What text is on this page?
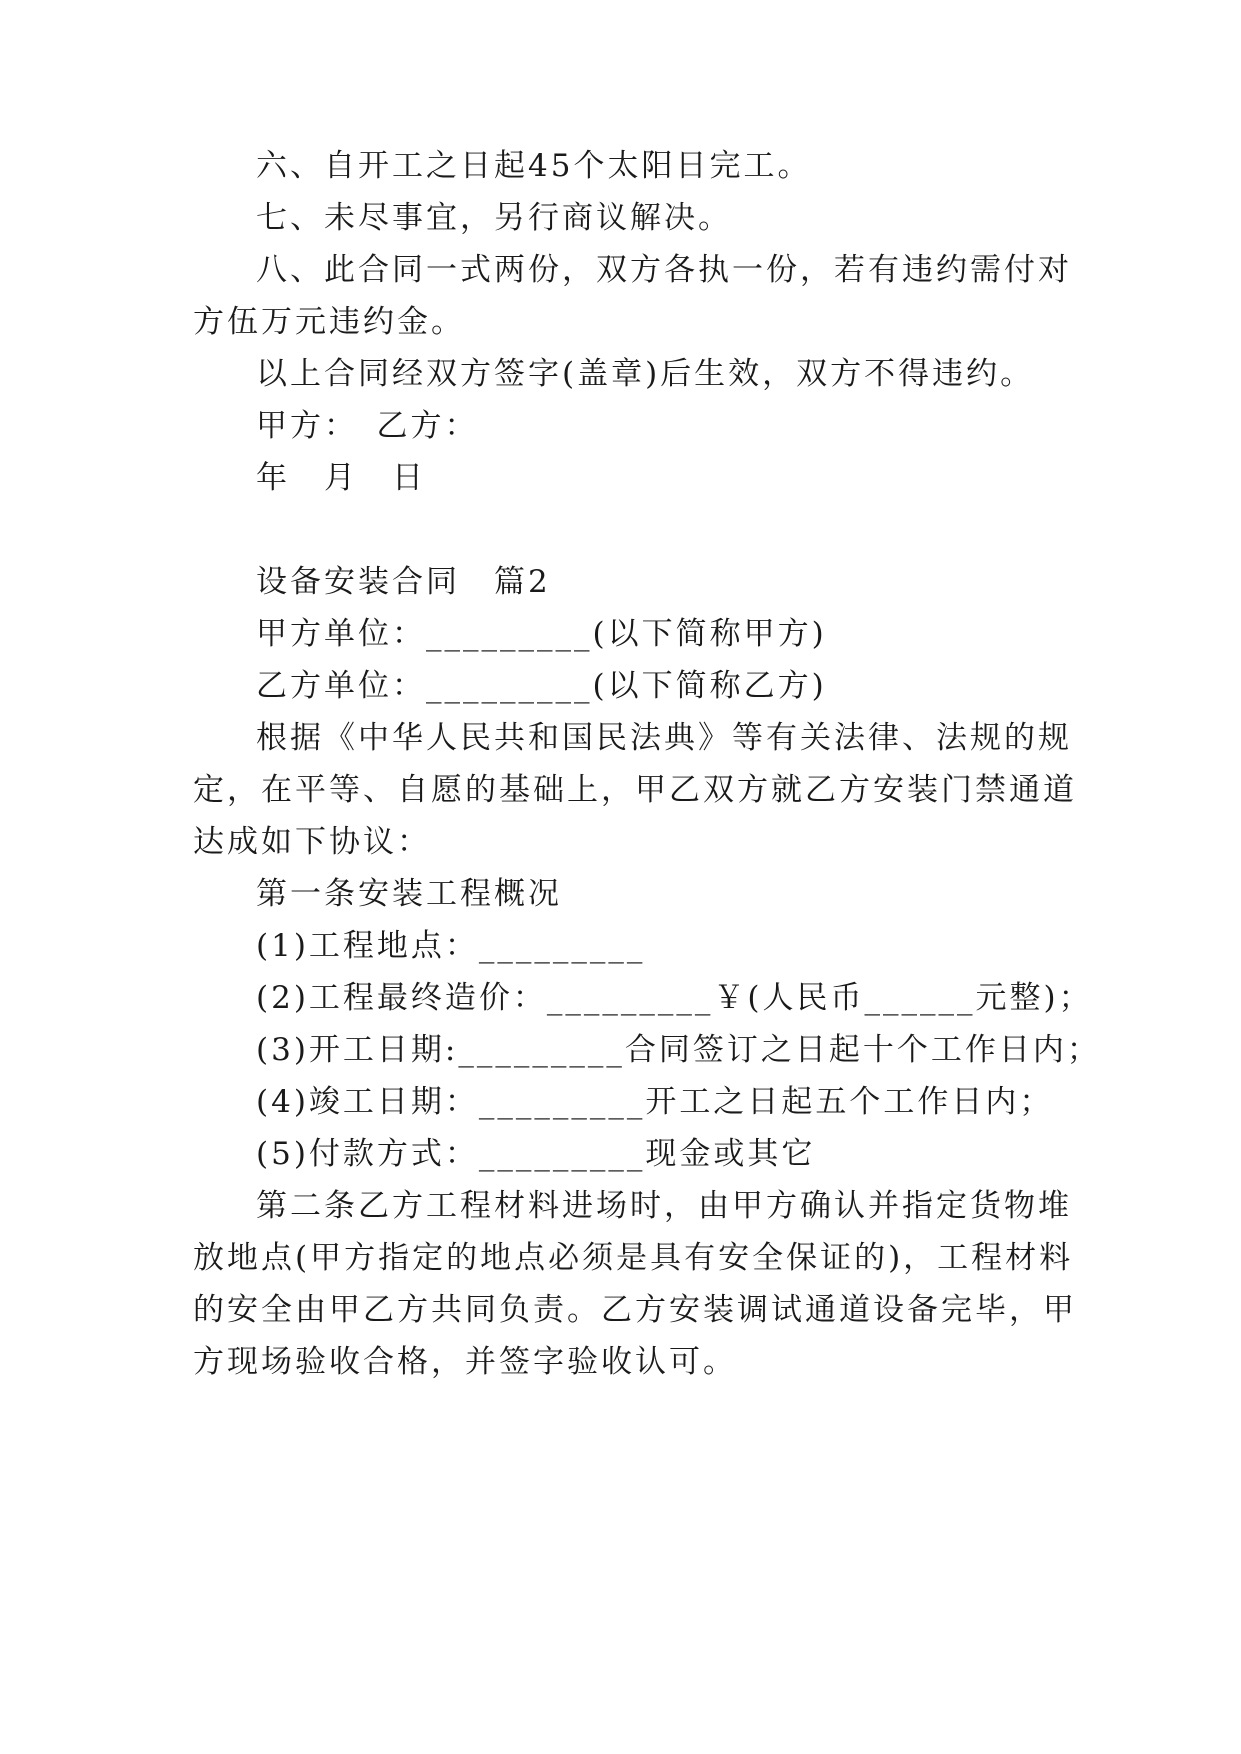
六、自开工之日起45个太阳日完工。
七、未尽事宜，另行商议解决。
八、此合同一式两份，双方各执一份，若有违约需付对
方伍万元违约金。
以上合同经双方签字(盖章)后生效，双方不得违约。
甲方：　乙方：
年　月　日
设备安装合同　篇2
甲方单位：_________(以下简称甲方)
乙方单位：_________(以下简称乙方)
根据《中华人民共和国民法典》等有关法律、法规的规
定，在平等、自愿的基础上，甲乙双方就乙方安装门禁通道
达成如下协议：
第一条安装工程概况
(1)工程地点：_________
(2)工程最终造价：_________￥(人民币______元整)；
(3)开工日期:_________合同签订之日起十个工作日内；
(4)竣工日期：_________开工之日起五个工作日内；
(5)付款方式：_________现金或其它
第二条乙方工程材料进场时，由甲方确认并指定货物堆
放地点(甲方指定的地点必须是具有安全保证的)，工程材料
的安全由甲乙方共同负责。乙方安装调试通道设备完毕，甲
方现场验收合格，并签字验收认可。
